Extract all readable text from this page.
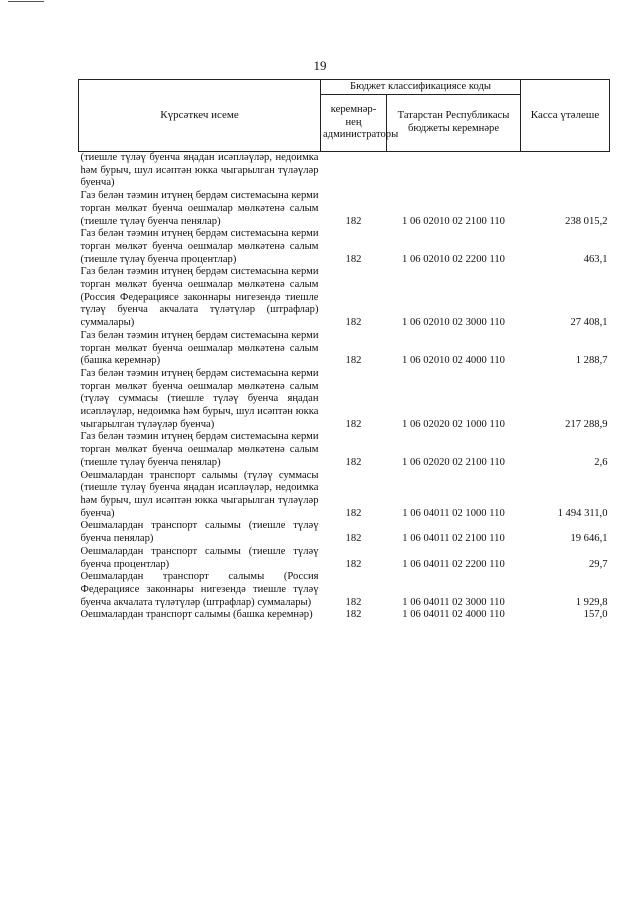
19
Күрсәткеч исеме	Бюджет классификациясе коды		Касса үтәлеше
	керемнәр-нең администраторы	Татарстан Республикасы бюджеты керемнәре	
(тиешле түләү буенча яңадан исәпләүләр, недоимка һәм бурыч, шул исәптән юкка чыгарылган түләүләр буенча)			
Газ белән тәэмин итүнең бердәм системасына керми торган мөлкәт буенча оешмалар мөлкәтенә салым (тиешле түләү буенча пенялар)	182	1 06 02010 02 2100 110	238 015,2
Газ белән тәэмин итүнең бердәм системасына керми торган мөлкәт буенча оешмалар мөлкәтенә салым (тиешле түләү буенча процентлар)	182	1 06 02010 02 2200 110	463,1
Газ белән тәэмин итүнең бердәм системасына керми торган мөлкәт буенча оешмалар мөлкәтенә салым (Россия Федерациясе законнары нигезендә тиешле түләү буенча акчалата түләтүләр (штрафлар) суммалары)	182	1 06 02010 02 3000 110	27 408,1
Газ белән тәэмин итүнең бердәм системасына керми торган мөлкәт буенча оешмалар мөлкәтенә салым (башка керемнәр)	182	1 06 02010 02 4000 110	1 288,7
Газ белән тәэмин итүнең бердәм системасына керми торган мөлкәт буенча оешмалар мөлкәтенә салым (түләү суммасы (тиешле түләү буенча яңадан исәпләүләр, недоимка һәм бурыч, шул исәптән юкка чыгарылган түләүләр буенча)	182	1 06 02020 02 1000 110	217 288,9
Газ белән тәэмин итүнең бердәм системасына керми торган мөлкәт буенча оешмалар мөлкәтенә салым (тиешле түләү буенча пенялар)	182	1 06 02020 02 2100 110	2,6
Оешмалардан транспорт салымы (түләү суммасы (тиешле түләү буенча яңадан исәпләүләр, недоимка һәм бурыч, шул исәптән юкка чыгарылган түләүләр буенча)	182	1 06 04011 02 1000 110	1 494 311,0
Оешмалардан транспорт салымы (тиешле түләү буенча пенялар)	182	1 06 04011 02 2100 110	19 646,1
Оешмалардан транспорт салымы (тиешле түләү буенча процентлар)	182	1 06 04011 02 2200 110	29,7
Оешмалардан транспорт салымы (Россия Федерациясе законнары нигезендә тиешле түләү буенча акчалата түләтүләр (штрафлар) суммалары)	182	1 06 04011 02 3000 110	1 929,8
Оешмалардан транспорт салымы (башка керемнәр)	182	1 06 04011 02 4000 110	157,0
